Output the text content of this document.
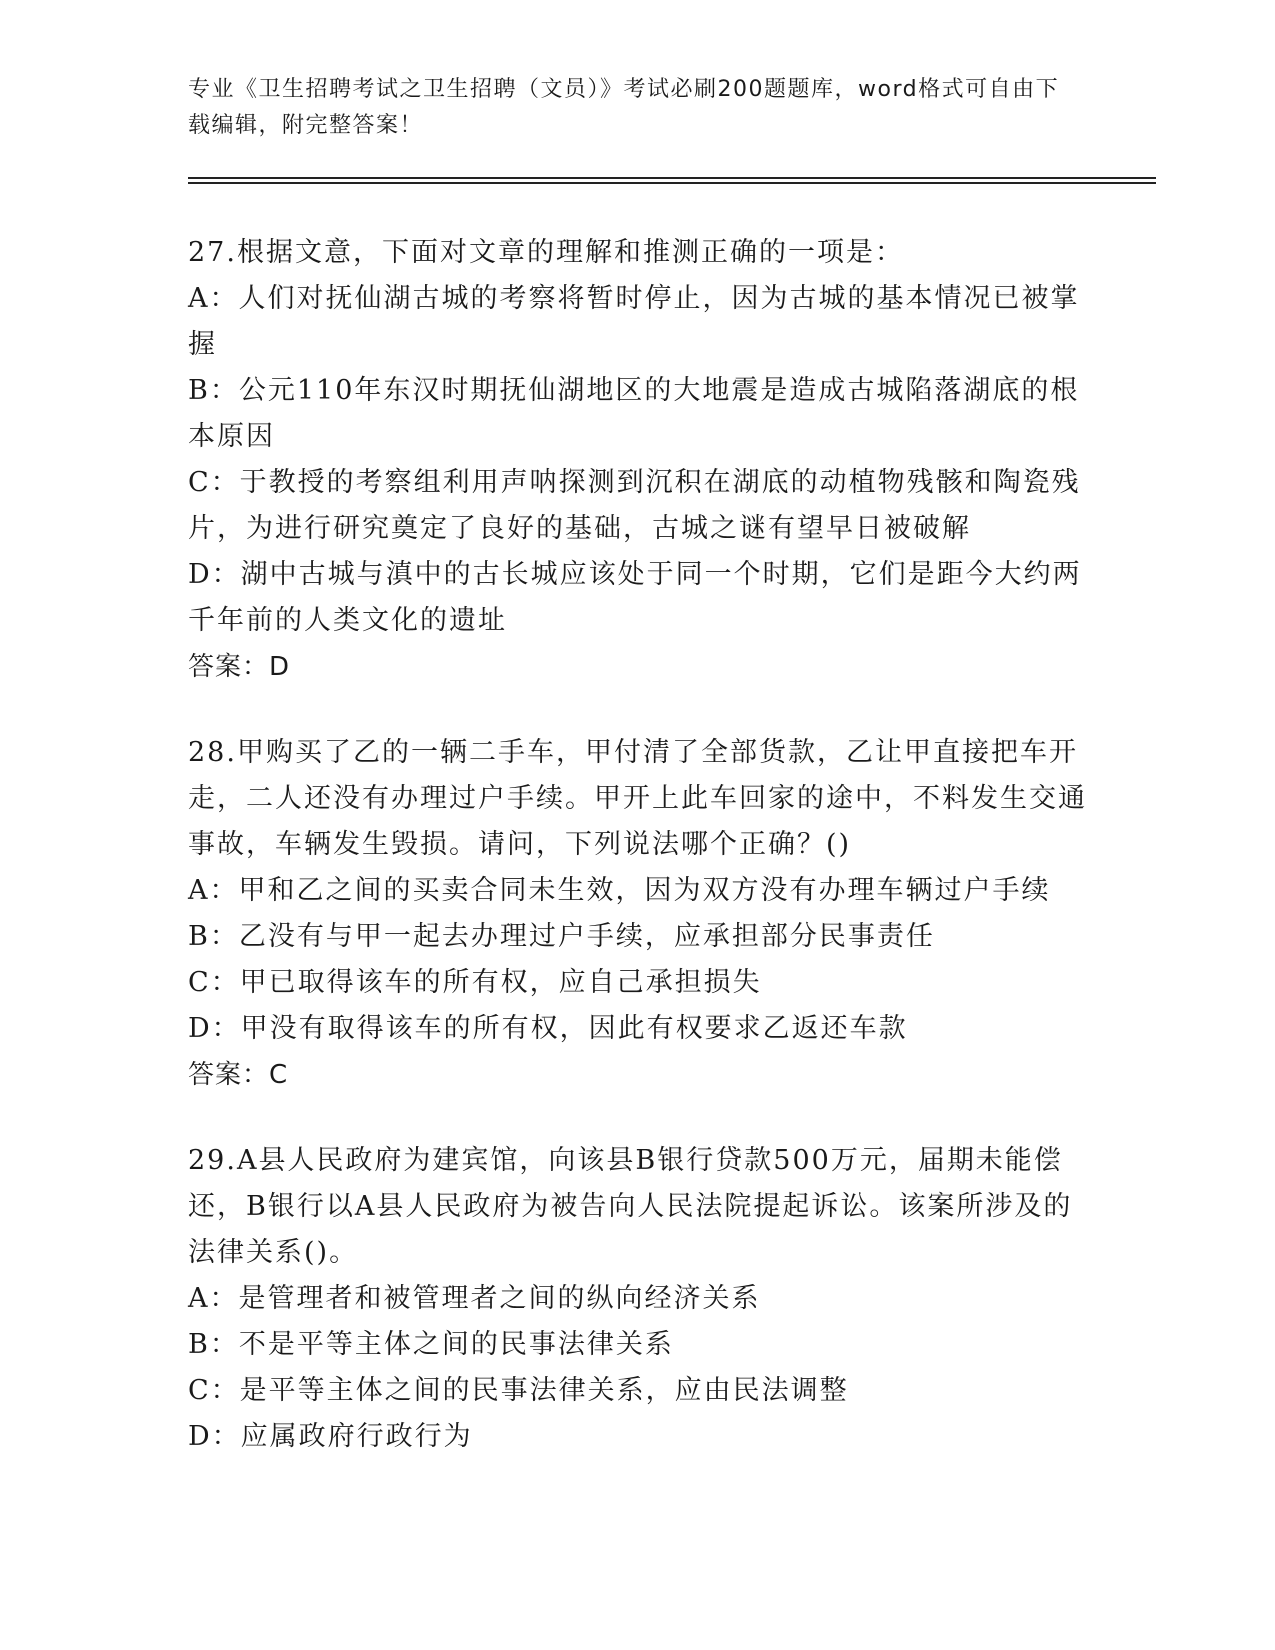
专业《卫生招聘考试之卫生招聘（文员）》考试必刷200题题库，word格式可自由下载编辑，附完整答案！

27.根据文意，下面对文章的理解和推测正确的一项是：

A：人们对抚仙湖古城的考察将暂时停止，因为古城的基本情况已被掌握

B：公元110年东汉时期抚仙湖地区的大地震是造成古城陷落湖底的根本原因

C：于教授的考察组利用声呐探测到沉积在湖底的动植物残骸和陶瓷残片，为进行研究奠定了良好的基础，古城之谜有望早日被破解

D：湖中古城与滇中的古长城应该处于同一个时期，它们是距今大约两千年前的人类文化的遗址

答案：D

28.甲购买了乙的一辆二手车，甲付清了全部货款，乙让甲直接把车开走，二人还没有办理过户手续。甲开上此车回家的途中，不料发生交通事故，车辆发生毁损。请问，下列说法哪个正确？()

A：甲和乙之间的买卖合同未生效，因为双方没有办理车辆过户手续

B：乙没有与甲一起去办理过户手续，应承担部分民事责任

C：甲已取得该车的所有权，应自己承担损失

D：甲没有取得该车的所有权，因此有权要求乙返还车款

答案：C

29.A县人民政府为建宾馆，向该县B银行贷款500万元，届期未能偿还，B银行以A县人民政府为被告向人民法院提起诉讼。该案所涉及的法律关系()。

A：是管理者和被管理者之间的纵向经济关系

B：不是平等主体之间的民事法律关系

C：是平等主体之间的民事法律关系，应由民法调整

D：应属政府行政行为
